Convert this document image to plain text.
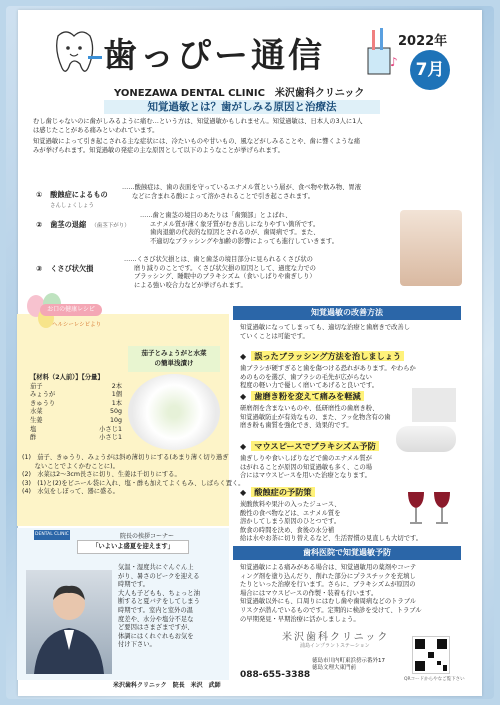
♪
歯っぴー通信	2022年
7月
YONEZAWA DENTAL CLINIC　米沢歯科クリニック
知覚過敏とは？歯がしみる原因と治療法
むし歯じゃないのに歯がしみるように痛む…という方は、知覚過敏かもしれません。知覚過敏は、日本人の3人に1人
は感じたことがある痛みといわれています。
知覚過敏によって引き起こされる主な症状には、冷たいものや甘いもの、風などがしみることや、歯に響くような痛
みが挙げられます。知覚過敏の発症の主な原因として以下のようなことが挙げられます。
① 酸蝕症によるもの
さんしょくしょう
……酸蝕症は、歯の表面を守っているエナメル質という層が、食べ物や飲み物、胃液
などに含まれる酸によって溶かされることで引き起こされます。
② 歯茎の退縮 （歯茎下がり）
……歯と歯茎の境目のあたりは「歯頸部」とよばれ、
エナメル質が薄く象牙質がむき出しになりやすい箇所です。
歯肉退縮の代表的な原因とされるのが、歯周病です。また、
不適切なブラッシングや加齢の影響によっても進行していきます。
③ くさび状欠損
……くさび状欠損とは、歯と歯茎の境目部分に見られるくさび状の
磨り減りのことです。くさび状欠損の原因として、過度な力での
ブラッシング、睡眠中のブラキシズム（食いしばりや歯ぎしり）
による強い咬合力などが挙げられます。
お口の健康レシピ
ヘルシーレシピより
茄子とみょうがと水菜
の簡単浅漬け
【材料（2人前）】【分量】
茄子	2本
みょうが	1個
きゅうり	1本
水菜	50g
生姜	10g
塩	小さじ1
酢	小さじ1
(1)　茄子、きゅうり、みょうがは斜め薄切りにする(あまり薄く切り過ぎ
　　ないことでよくかむことに)。
(2)　水菜は2〜3cm長さに切り、生姜は千切りにする。
(3)　(1)と(2)をビニール袋に入れ、塩・酢も加えてよくもみ、しばらく置く。
(4)　水気をしぼって、器に盛る。
DENTAL CLINIC	院長の挨拶コーナー
「いよいよ盛夏を迎えます」
気温・湿度共にぐんぐん上
がり、暑さのピークを迎える
時期です。
大人も子どもも、ちょっと油
断すると夏バテをしてしまう
時期です。室内と室外の温
度差や、水分や塩分不足な
ど要因はさまざまですが、
体調にはくれぐれもお気を
付け下さい。
米沢歯科クリニック　院長　米沢　武師
知覚過敏の改善方法
知覚過敏になってしまっても、適切な治療と歯磨きで改善し
ていくことは可能です。
◆ 誤ったブラッシング方法を治しましょう
歯ブラシが硬すぎると歯を傷つける恐れがあります。やわらか
めのものを選び、歯ブラシの毛先が広がらない
程度の軽い力で優しく磨いてあげると良いです。
◆ 歯磨き粉を変えて痛みを軽減
研磨剤を含まないものや、低研磨性の歯磨き粉、
知覚過敏防止が有効なもの、また、フッ化物含有の歯
磨き粉も歯質を強化でき、効果的です。
◆ マウスピースでブラキシズム予防
歯ぎしりや食いしばりなどで歯のエナメル質が
はがれることが原因の知覚過敏も多く、この場
合にはマウスピースを用いた治療となります。
◆ 酸蝕症の予防策
炭酸飲料や果汁の入ったジュース、
酸性の食べ物などは、エナメル質を
溶かしてしまう原因のひとつです。
飲食の時間を決め、食後の水分補
給は水やお茶に切り替えるなど、生活習慣の見直しも大切です。
歯科医院で知覚過敏予防
知覚過敏による痛みがある場合は、知覚過敏用の薬剤やコーテ
ィング剤を塗り込んだり、削れた部分にプラスチックを充填し
たりといった治療を行います。さらに、ブラキシズムが原因の
場合にはマウスピースの作製・装着も行います。
知覚過敏以外にも、口周りにはむし歯や歯周病などのトラブル
リスクが潜んでいるものです。定期的に検診を受けて、トラブル
の早期発見・早期治療に活かしましょう。
米沢歯科クリニック
浦島インプラントステーション
088-655-3388
徳島市川内町東浜傍示番外17
徳島文理大東門前
QRコードからやなご覧下さい
